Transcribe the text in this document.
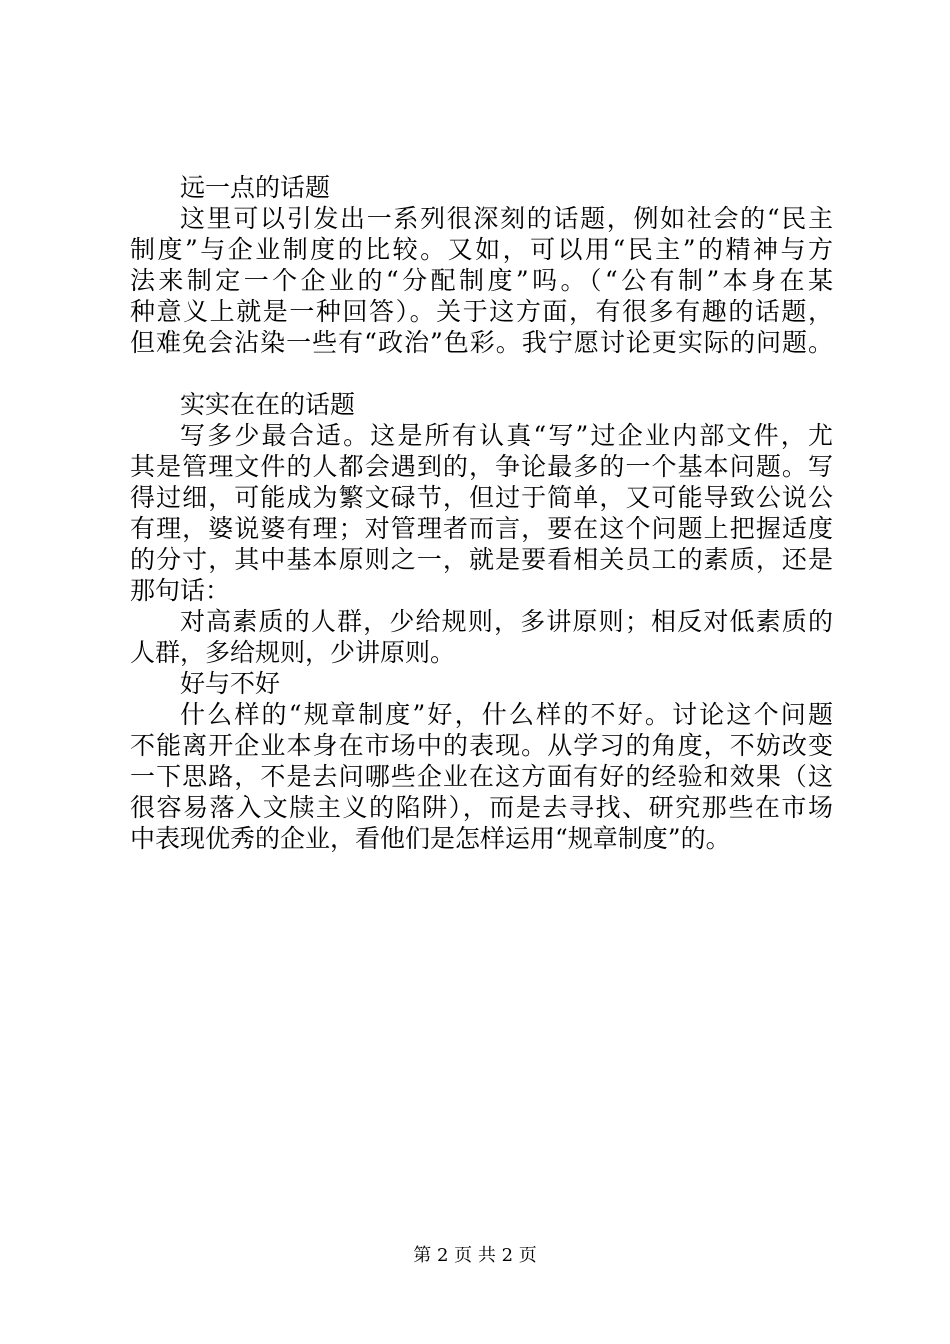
远一点的话题
这里可以引发出一系列很深刻的话题，例如社会的“民主
制度”与企业制度的比较。又如，可以用“民主”的精神与方
法来制定一个企业的“分配制度”吗。（“公有制”本身在某
种意义上就是一种回答）。关于这方面，有很多有趣的话题，
但难免会沾染一些有“政治”色彩。我宁愿讨论更实际的问题。
实实在在的话题
写多少最合适。这是所有认真“写”过企业内部文件，尤
其是管理文件的人都会遇到的，争论最多的一个基本问题。写
得过细，可能成为繁文碌节，但过于简单，又可能导致公说公
有理，婆说婆有理；对管理者而言，要在这个问题上把握适度
的分寸，其中基本原则之一，就是要看相关员工的素质，还是
那句话：
对高素质的人群，少给规则，多讲原则；相反对低素质的
人群，多给规则，少讲原则。
好与不好
什么样的“规章制度”好，什么样的不好。讨论这个问题
不能离开企业本身在市场中的表现。从学习的角度，不妨改变
一下思路，不是去问哪些企业在这方面有好的经验和效果（这
很容易落入文牍主义的陷阱），而是去寻找、研究那些在市场
中表现优秀的企业，看他们是怎样运用“规章制度”的。
第 2 页 共 2 页
